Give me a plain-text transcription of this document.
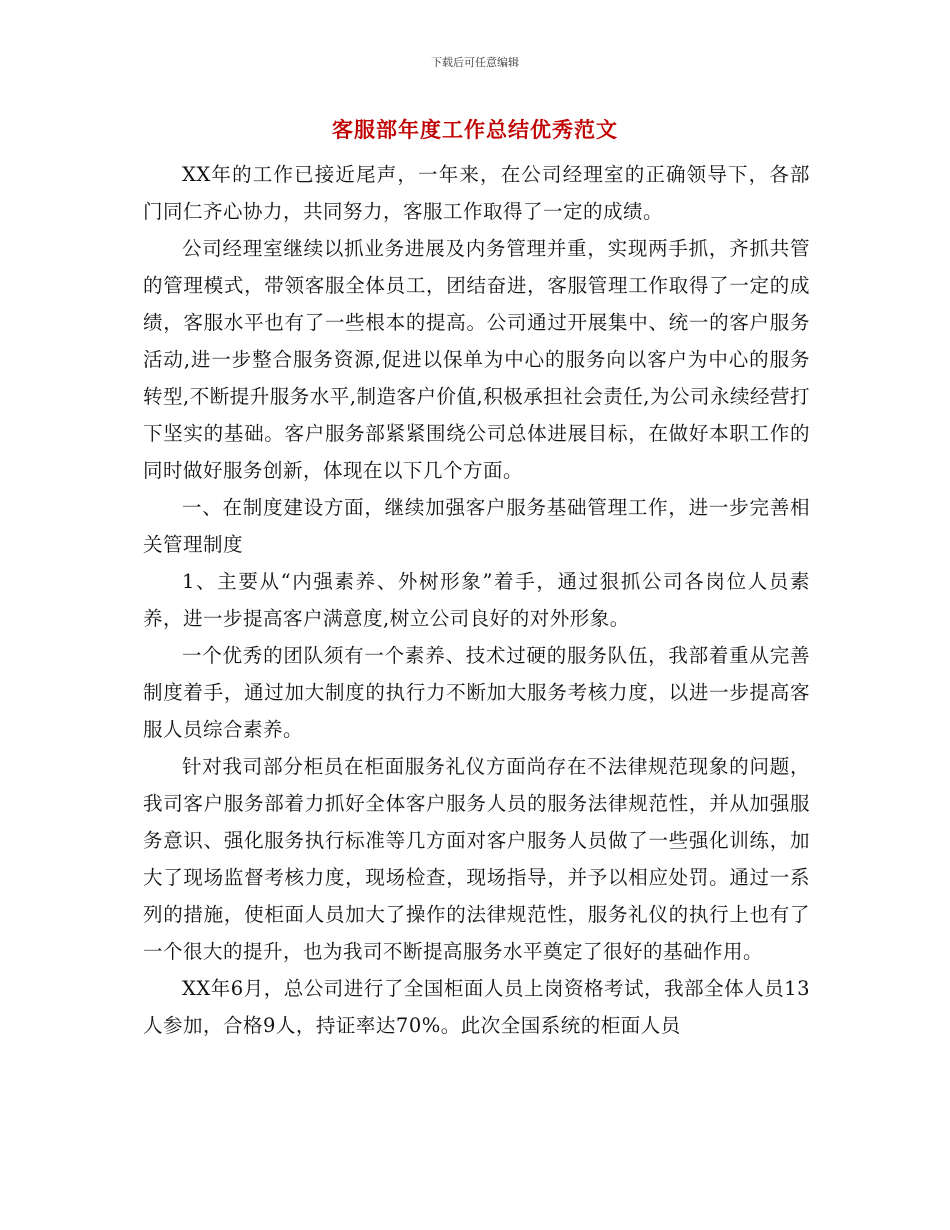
下载后可任意编辑
客服部年度工作总结优秀范文

XX年的工作已接近尾声，一年来，在公司经理室的正确领导下，各部门同仁齐心协力，共同努力，客服工作取得了一定的成绩。

公司经理室继续以抓业务进展及内务管理并重，实现两手抓，齐抓共管的管理模式，带领客服全体员工，团结奋进，客服管理工作取得了一定的成绩，客服水平也有了一些根本的提高。公司通过开展集中、统一的客户服务活动,进一步整合服务资源,促进以保单为中心的服务向以客户为中心的服务转型,不断提升服务水平,制造客户价值,积极承担社会责任,为公司永续经营打下坚实的基础。客户服务部紧紧围绕公司总体进展目标，在做好本职工作的同时做好服务创新，体现在以下几个方面。

一、在制度建设方面，继续加强客户服务基础管理工作，进一步完善相关管理制度

1、主要从“内强素养、外树形象”着手，通过狠抓公司各岗位人员素养，进一步提高客户满意度,树立公司良好的对外形象。

一个优秀的团队须有一个素养、技术过硬的服务队伍，我部着重从完善制度着手，通过加大制度的执行力不断加大服务考核力度，以进一步提高客服人员综合素养。

针对我司部分柜员在柜面服务礼仪方面尚存在不法律规范现象的问题，我司客户服务部着力抓好全体客户服务人员的服务法律规范性，并从加强服务意识、强化服务执行标准等几方面对客户服务人员做了一些强化训练，加大了现场监督考核力度，现场检查，现场指导，并予以相应处罚。通过一系列的措施，使柜面人员加大了操作的法律规范性，服务礼仪的执行上也有了一个很大的提升，也为我司不断提高服务水平奠定了很好的基础作用。

XX年6月，总公司进行了全国柜面人员上岗资格考试，我部全体人员13人参加，合格9人，持证率达70%。此次全国系统的柜面人员
